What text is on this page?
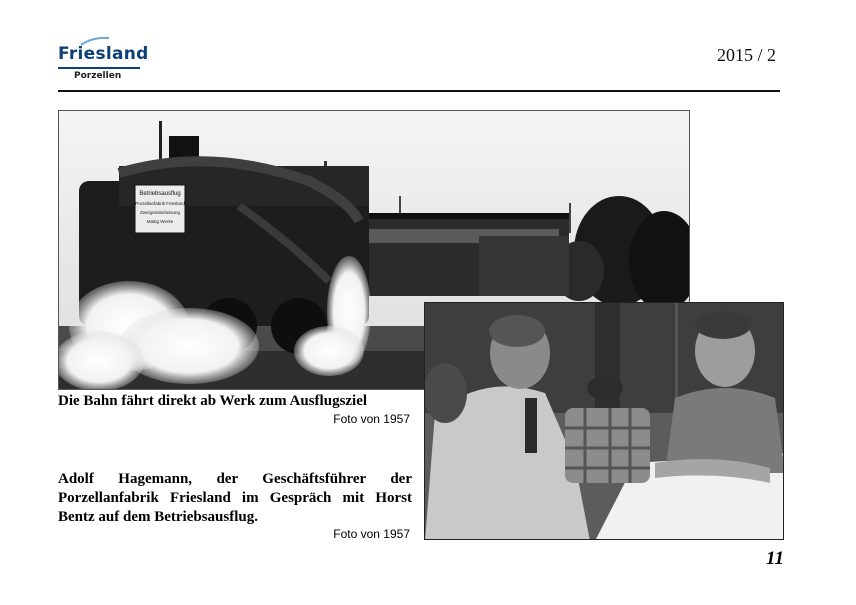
Friesland
Porzellen
2015 / 2
Betriebsausflug
Porzellanfabrik Friesland
Zweigniederlassung
Mattig Werke
Die Bahn fährt direkt ab Werk zum Ausflugsziel
Foto von 1957
Adolf Hagemann, der Geschäftsführer der Porzellanfabrik Friesland im Gespräch mit Horst Bentz auf dem Betriebsausflug.
Foto von 1957
11
